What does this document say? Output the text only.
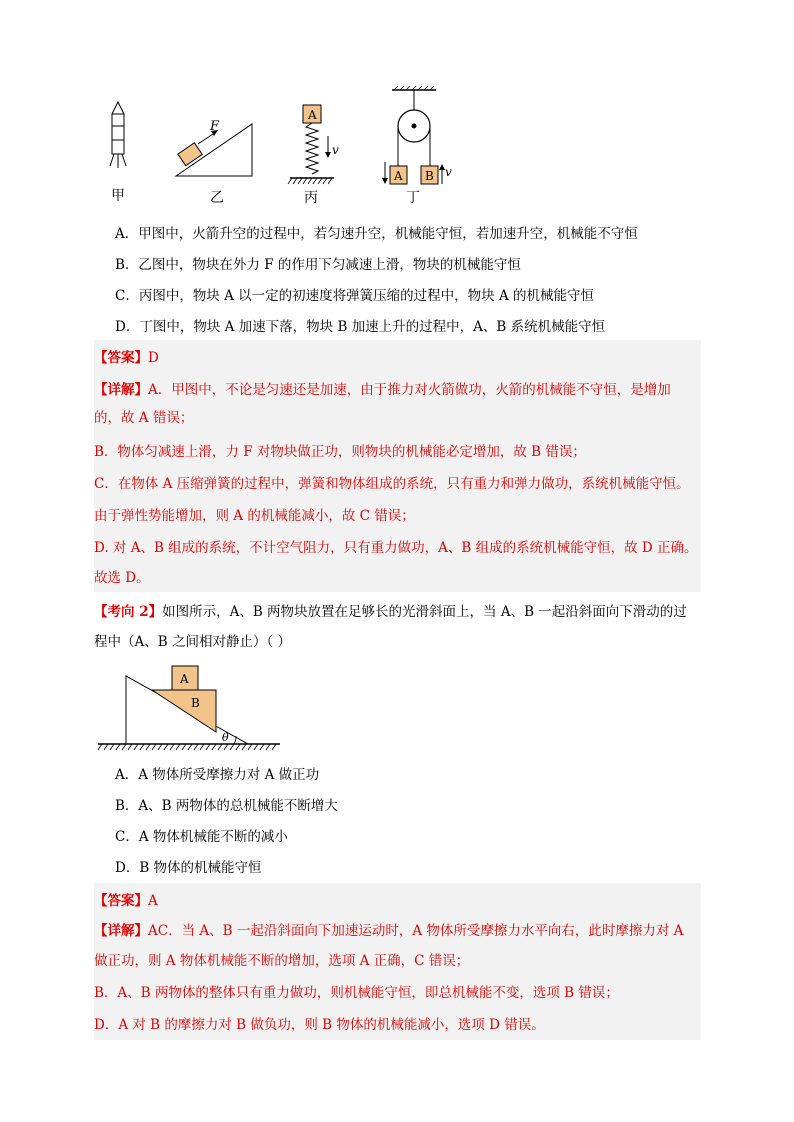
甲
F
乙
A
v
丙
A B v
丁
A．甲图中，火箭升空的过程中，若匀速升空，机械能守恒，若加速升空，机械能不守恒
B．乙图中，物块在外力 F 的作用下匀减速上滑，物块的机械能守恒
C．丙图中，物块 A 以一定的初速度将弹簧压缩的过程中，物块 A 的机械能守恒
D．丁图中，物块 A 加速下落，物块 B 加速上升的过程中，A、B 系统机械能守恒
【答案】D
【详解】A．甲图中，不论是匀速还是加速，由于推力对火箭做功，火箭的机械能不守恒，是增加
的，故 A 错误；
B．物体匀减速上滑，力 F 对物块做正功，则物块的机械能必定增加，故 B 错误；
C．在物体 A 压缩弹簧的过程中，弹簧和物体组成的系统，只有重力和弹力做功，系统机械能守恒。
由于弹性势能增加，则 A 的机械能减小，故 C 错误；
D. 对 A、B 组成的系统，不计空气阻力，只有重力做功，A、B 组成的系统机械能守恒，故 D 正确。
故选 D。
【考向 2】如图所示，A、B 两物块放置在足够长的光滑斜面上，当 A、B 一起沿斜面向下滑动的过
程中（A、B 之间相对静止）（ ）
A
B
θ
A．A 物体所受摩擦力对 A 做正功
B．A、B 两物体的总机械能不断增大
C．A 物体机械能不断的减小
D．B 物体的机械能守恒
【答案】A
【详解】AC．当 A、B 一起沿斜面向下加速运动时，A 物体所受摩擦力水平向右，此时摩擦力对 A
做正功，则 A 物体机械能不断的增加，选项 A 正确，C 错误；
B．A、B 两物体的整体只有重力做功，则机械能守恒，即总机械能不变，选项 B 错误；
D．A 对 B 的摩擦力对 B 做负功，则 B 物体的机械能减小，选项 D 错误。
